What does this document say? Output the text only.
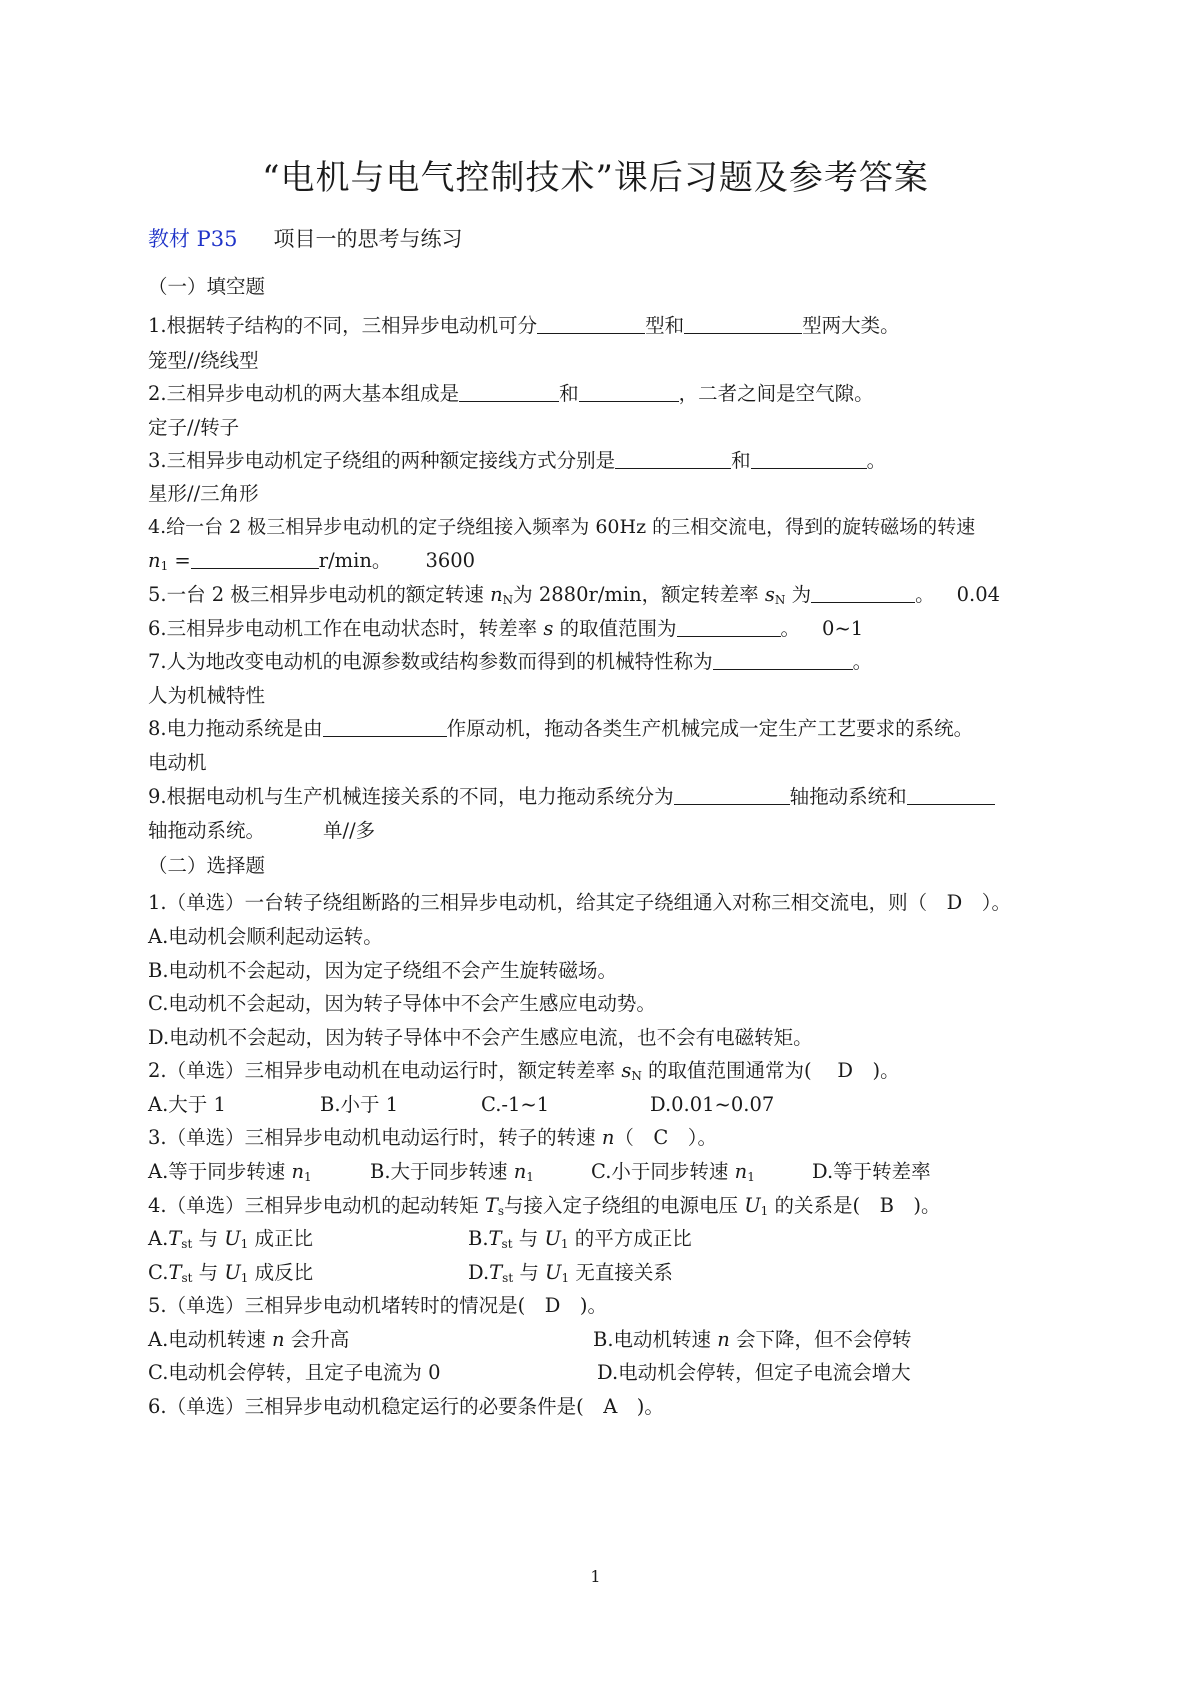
“电机与电气控制技术”课后习题及参考答案
教材 P35 项目一的思考与练习
（一）填空题
1.根据转子结构的不同，三相异步电动机可分	型和	型两大类。
笼型//绕线型
2.三相异步电动机的两大基本组成是	和	，二者之间是空气隙。
定子//转子
3.三相异步电动机定子绕组的两种额定接线方式分别是	和	。
星形//三角形
4.给一台 2 极三相异步电动机的定子绕组接入频率为 60Hz 的三相交流电，得到的旋转磁场的转速
$n_1$ =	r/min。 3600
5.一台 2 极三相异步电动机的额定转速 $n_N$为 2880r/min，额定转差率 $s_N$ 为	。 0.04
6.三相异步电动机工作在电动状态时，转差率 s 的取值范围为	。 0~1
7.人为地改变电动机的电源参数或结构参数而得到的机械特性称为	。
人为机械特性
8.电力拖动系统是由	作原动机，拖动各类生产机械完成一定生产工艺要求的系统。
电动机
9.根据电动机与生产机械连接关系的不同，电力拖动系统分为	轴拖动系统和
轴拖动系统。	单//多
（二）选择题
1.（单选）一台转子绕组断路的三相异步电动机，给其定子绕组通入对称三相交流电，则（　D　）。
A.电动机会顺利起动运转。
B.电动机不会起动，因为定子绕组不会产生旋转磁场。
C.电动机不会起动，因为转子导体中不会产生感应电动势。
D.电动机不会起动，因为转子导体中不会产生感应电流，也不会有电磁转矩。
2.（单选）三相异步电动机在电动运行时，额定转差率 $s_N$ 的取值范围通常为(　 D　)。
A.大于 1	B.小于 1	C.-1~1	D.0.01~0.07
3.（单选）三相异步电动机电动运行时，转子的转速 n（　C　）。
A.等于同步转速 $n_1$	B.大于同步转速 $n_1$	C.小于同步转速 $n_1$	D.等于转差率
4.（单选）三相异步电动机的起动转矩 $T_s$与接入定子绕组的电源电压 $U_1$ 的关系是(　B　)。
$A.T_{st}$ 与 $U_1$ 成正比	$B.T_{st}$ 与 $U_1$ 的平方成正比
$C.T_{st}$ 与 $U_1$ 成反比	$D.T_{st}$ 与 $U_1$ 无直接关系
5.（单选）三相异步电动机堵转时的情况是(　D　)。
A.电动机转速 n 会升高	B.电动机转速 n 会下降，但不会停转
C.电动机会停转，且定子电流为 0	D.电动机会停转，但定子电流会增大
6.（单选）三相异步电动机稳定运行的必要条件是(　A　)。
1
